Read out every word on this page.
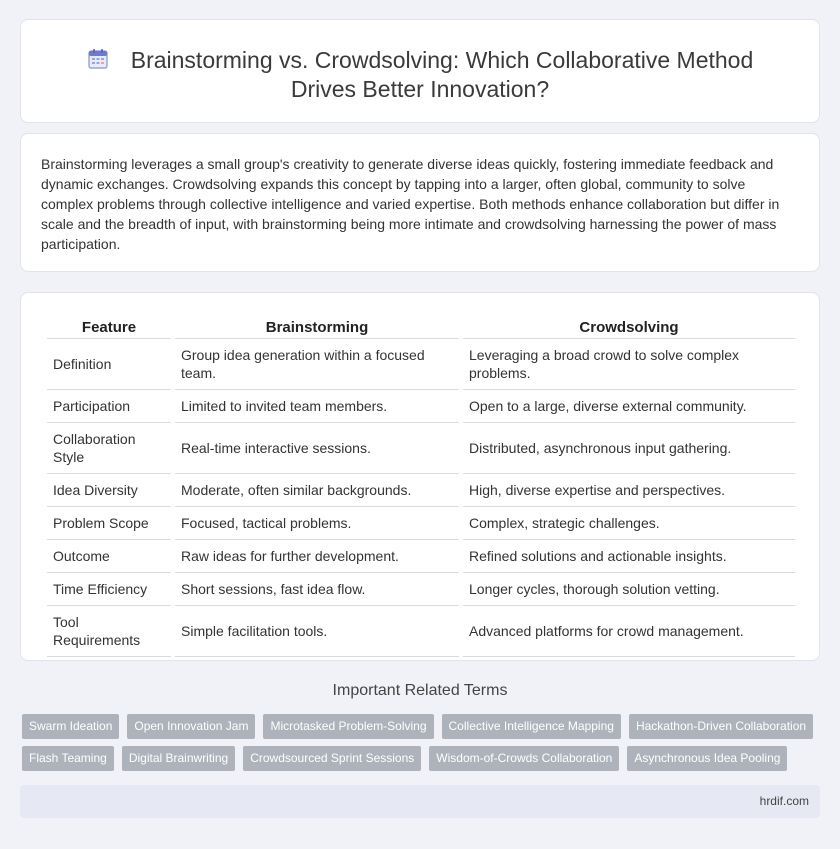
Brainstorming vs. Crowdsolving: Which Collaborative Method Drives Better Innovation?

Brainstorming leverages a small group's creativity to generate diverse ideas quickly, fostering immediate feedback and dynamic exchanges. Crowdsolving expands this concept by tapping into a larger, often global, community to solve complex problems through collective intelligence and varied expertise. Both methods enhance collaboration but differ in scale and the breadth of input, with brainstorming being more intimate and crowdsolving harnessing the power of mass participation.

Feature	Brainstorming	Crowdsolving
Definition	Group idea generation within a focused team.	Leveraging a broad crowd to solve complex problems.
Participation	Limited to invited team members.	Open to a large, diverse external community.
Collaboration Style	Real-time interactive sessions.	Distributed, asynchronous input gathering.
Idea Diversity	Moderate, often similar backgrounds.	High, diverse expertise and perspectives.
Problem Scope	Focused, tactical problems.	Complex, strategic challenges.
Outcome	Raw ideas for further development.	Refined solutions and actionable insights.
Time Efficiency	Short sessions, fast idea flow.	Longer cycles, thorough solution vetting.
Tool Requirements	Simple facilitation tools.	Advanced platforms for crowd management.
Important Related Terms
Swarm Ideation	Open Innovation Jam	Microtasked Problem-Solving	Collective Intelligence Mapping	Hackathon-Driven Collaboration
Flash Teaming	Digital Brainwriting	Crowdsourced Sprint Sessions	Wisdom-of-Crowds Collaboration	Asynchronous Idea Pooling
hrdif.com
